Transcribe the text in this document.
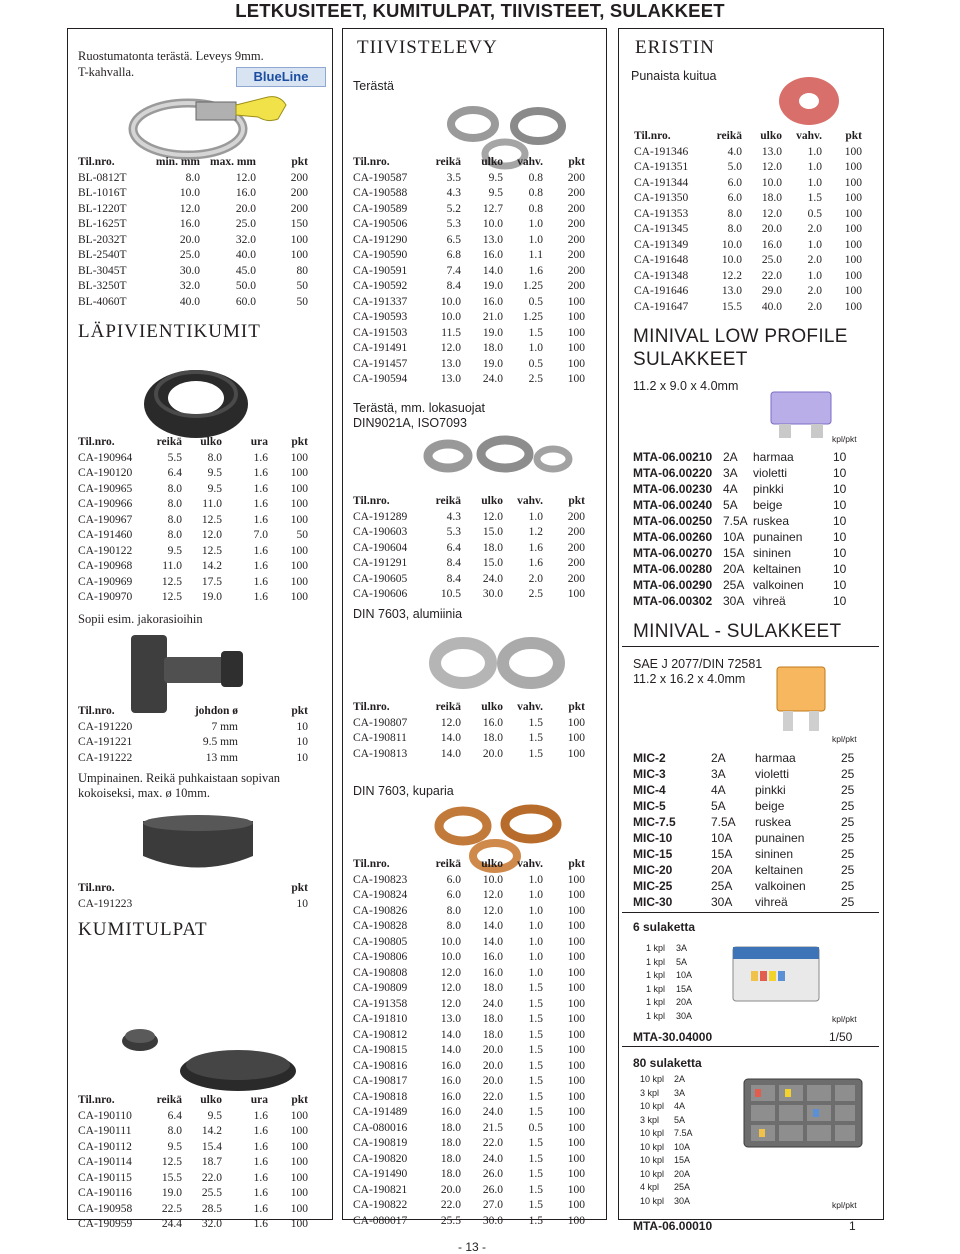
LETKUSITEET, KUMITULPAT, TIIVISTEET, SULAKKEET
Ruostumatonta terästä. Leveys 9mm.
T-kahvalla.	BlueLine
Til.nro.	min. mm	max. mm	pkt
BL-0812T	8.0	12.0	200
BL-1016T	10.0	16.0	200
BL-1220T	12.0	20.0	200
BL-1625T	16.0	25.0	150
BL-2032T	20.0	32.0	100
BL-2540T	25.0	40.0	100
BL-3045T	30.0	45.0	80
BL-3250T	32.0	50.0	50
BL-4060T	40.0	60.0	50
LÄPIVIENTIKUMIT
Til.nro.	reikä	ulko	ura	pkt
CA-190964	5.5	8.0	1.6	100
CA-190120	6.4	9.5	1.6	100
CA-190965	8.0	9.5	1.6	100
CA-190966	8.0	11.0	1.6	100
CA-190967	8.0	12.5	1.6	100
CA-191460	8.0	12.0	7.0	50
CA-190122	9.5	12.5	1.6	100
CA-190968	11.0	14.2	1.6	100
CA-190969	12.5	17.5	1.6	100
CA-190970	12.5	19.0	1.6	100
Sopii esim. jakorasioihin
Til.nro.	johdon ø	pkt
CA-191220	7 mm	10
CA-191221	9.5 mm	10
CA-191222	13 mm	10
Umpinainen. Reikä puhkaistaan sopivan
kokoiseksi, max. ø 10mm.
Til.nro.	pkt
CA-191223	10
KUMITULPAT
Til.nro.	reikä	ulko	ura	pkt
CA-190110	6.4	9.5	1.6	100
CA-190111	8.0	14.2	1.6	100
CA-190112	9.5	15.4	1.6	100
CA-190114	12.5	18.7	1.6	100
CA-190115	15.5	22.0	1.6	100
CA-190116	19.0	25.5	1.6	100
CA-190958	22.5	28.5	1.6	100
CA-190959	24.4	32.0	1.6	100
TIIVISTELEVY
Terästä
Til.nro.	reikä	ulko	vahv.	pkt
CA-190587	3.5	9.5	0.8	200
CA-190588	4.3	9.5	0.8	200
CA-190589	5.2	12.7	0.8	200
CA-190506	5.3	10.0	1.0	200
CA-191290	6.5	13.0	1.0	200
CA-190590	6.8	16.0	1.1	200
CA-190591	7.4	14.0	1.6	200
CA-190592	8.4	19.0	1.25	200
CA-191337	10.0	16.0	0.5	100
CA-190593	10.0	21.0	1.25	100
CA-191503	11.5	19.0	1.5	100
CA-191491	12.0	18.0	1.0	100
CA-191457	13.0	19.0	0.5	100
CA-190594	13.0	24.0	2.5	100
Terästä, mm. lokasuojat
DIN9021A, ISO7093
Til.nro.	reikä	ulko	vahv.	pkt
CA-191289	4.3	12.0	1.0	200
CA-190603	5.3	15.0	1.2	200
CA-190604	6.4	18.0	1.6	200
CA-191291	8.4	15.0	1.6	200
CA-190605	8.4	24.0	2.0	200
CA-190606	10.5	30.0	2.5	100
DIN 7603, alumiinia
Til.nro.	reikä	ulko	vahv.	pkt
CA-190807	12.0	16.0	1.5	100
CA-190811	14.0	18.0	1.5	100
CA-190813	14.0	20.0	1.5	100
DIN 7603, kuparia
Til.nro.	reikä	ulko	vahv.	pkt
CA-190823	6.0	10.0	1.0	100
CA-190824	6.0	12.0	1.0	100
CA-190826	8.0	12.0	1.0	100
CA-190828	8.0	14.0	1.0	100
CA-190805	10.0	14.0	1.0	100
CA-190806	10.0	16.0	1.0	100
CA-190808	12.0	16.0	1.0	100
CA-190809	12.0	18.0	1.5	100
CA-191358	12.0	24.0	1.5	100
CA-191810	13.0	18.0	1.5	100
CA-190812	14.0	18.0	1.5	100
CA-190815	14.0	20.0	1.5	100
CA-190816	16.0	20.0	1.5	100
CA-190817	16.0	20.0	1.5	100
CA-190818	16.0	22.0	1.5	100
CA-191489	16.0	24.0	1.5	100
CA-080016	18.0	21.5	0.5	100
CA-190819	18.0	22.0	1.5	100
CA-190820	18.0	24.0	1.5	100
CA-191490	18.0	26.0	1.5	100
CA-190821	20.0	26.0	1.5	100
CA-190822	22.0	27.0	1.5	100
CA-080017	25.5	30.0	1.5	100
- 13 -
ERISTIN
Punaista kuitua
Til.nro.	reikä	ulko	vahv.	pkt
CA-191346	4.0	13.0	1.0	100
CA-191351	5.0	12.0	1.0	100
CA-191344	6.0	10.0	1.0	100
CA-191350	6.0	18.0	1.5	100
CA-191353	8.0	12.0	0.5	100
CA-191345	8.0	20.0	2.0	100
CA-191349	10.0	16.0	1.0	100
CA-191648	10.0	25.0	2.0	100
CA-191348	12.2	22.0	1.0	100
CA-191646	13.0	29.0	2.0	100
CA-191647	15.5	40.0	2.0	100
MINIVAL LOW PROFILE
SULAKKEET
11.2 x 9.0 x 4.0mm
kpl/pkt
MTA-06.00210	2A	harmaa	10
MTA-06.00220	3A	violetti	10
MTA-06.00230	4A	pinkki	10
MTA-06.00240	5A	beige	10
MTA-06.00250	7.5A	ruskea	10
MTA-06.00260	10A	punainen	10
MTA-06.00270	15A	sininen	10
MTA-06.00280	20A	keltainen	10
MTA-06.00290	25A	valkoinen	10
MTA-06.00302	30A	vihreä	10
MINIVAL - SULAKKEET
SAE J 2077/DIN 72581
11.2 x 16.2 x 4.0mm
kpl/pkt
MIC-2	2A	harmaa	25
MIC-3	3A	violetti	25
MIC-4	4A	pinkki	25
MIC-5	5A	beige	25
MIC-7.5	7.5A	ruskea	25
MIC-10	10A	punainen	25
MIC-15	15A	sininen	25
MIC-20	20A	keltainen	25
MIC-25	25A	valkoinen	25
MIC-30	30A	vihreä	25
6 sulaketta
1 kpl	3A
1 kpl	5A
1 kpl	10A
1 kpl	15A
1 kpl	20A
1 kpl	30A	kpl/pkt
MTA-30.04000	1/50
80 sulaketta
10 kpl	2A
3 kpl	3A
10 kpl	4A
3 kpl	5A
10 kpl	7.5A
10 kpl	10A
10 kpl	15A
10 kpl	20A
4 kpl	25A
10 kpl	30A	kpl/pkt
MTA-06.00010	1
